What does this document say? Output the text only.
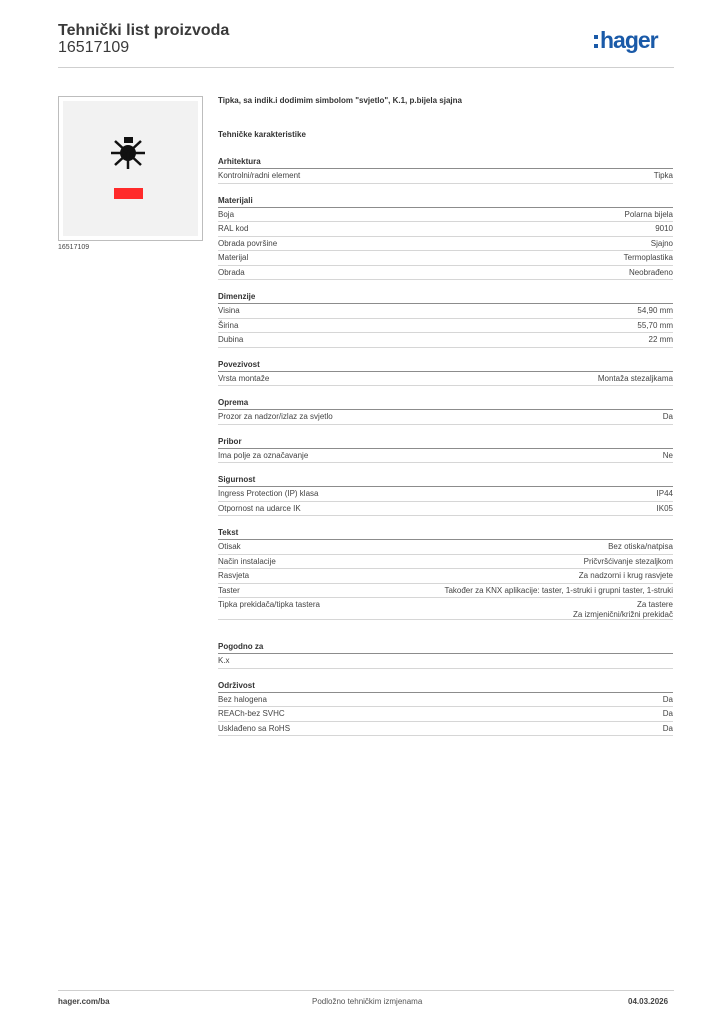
Tehnički list proizvoda
16517109	hager
16517109
Tipka, sa indik.i dodimim simbolom "svjetlo", K.1, p.bijela sjajna
Tehničke karakteristike
Arhitektura
Kontrolni/radni element	Tipka
Materijali
Boja	Polarna bijela
RAL kod	9010
Obrada površine	Sjajno
Materijal	Termoplastika
Obrada	Neobrađeno
Dimenzije
Visina	54,90 mm
Širina	55,70 mm
Dubina	22 mm
Povezivost
Vrsta montaže	Montaža stezaljkama
Oprema
Prozor za nadzor/izlaz za svjetlo	Da
Pribor
Ima polje za označavanje	Ne
Sigurnost
Ingress Protection (IP) klasa	IP44
Otpornost na udarce IK	IK05
Tekst
Otisak	Bez otiska/natpisa
Način instalacije	Pričvršćivanje stezaljkom
Rasvjeta	Za nadzorni i krug rasvjete
Taster	Također za KNX aplikacije: taster, 1-struki i grupni taster, 1-struki
Tipka prekidača/tipka tastera	Za tastere
Za izmjenični/križni prekidač
Pogodno za
K.x
Održivost
Bez halogena	Da
REACh-bez SVHC	Da
Usklađeno sa RoHS	Da
hager.com/ba	Podložno tehničkim izmjenama	04.03.2026
